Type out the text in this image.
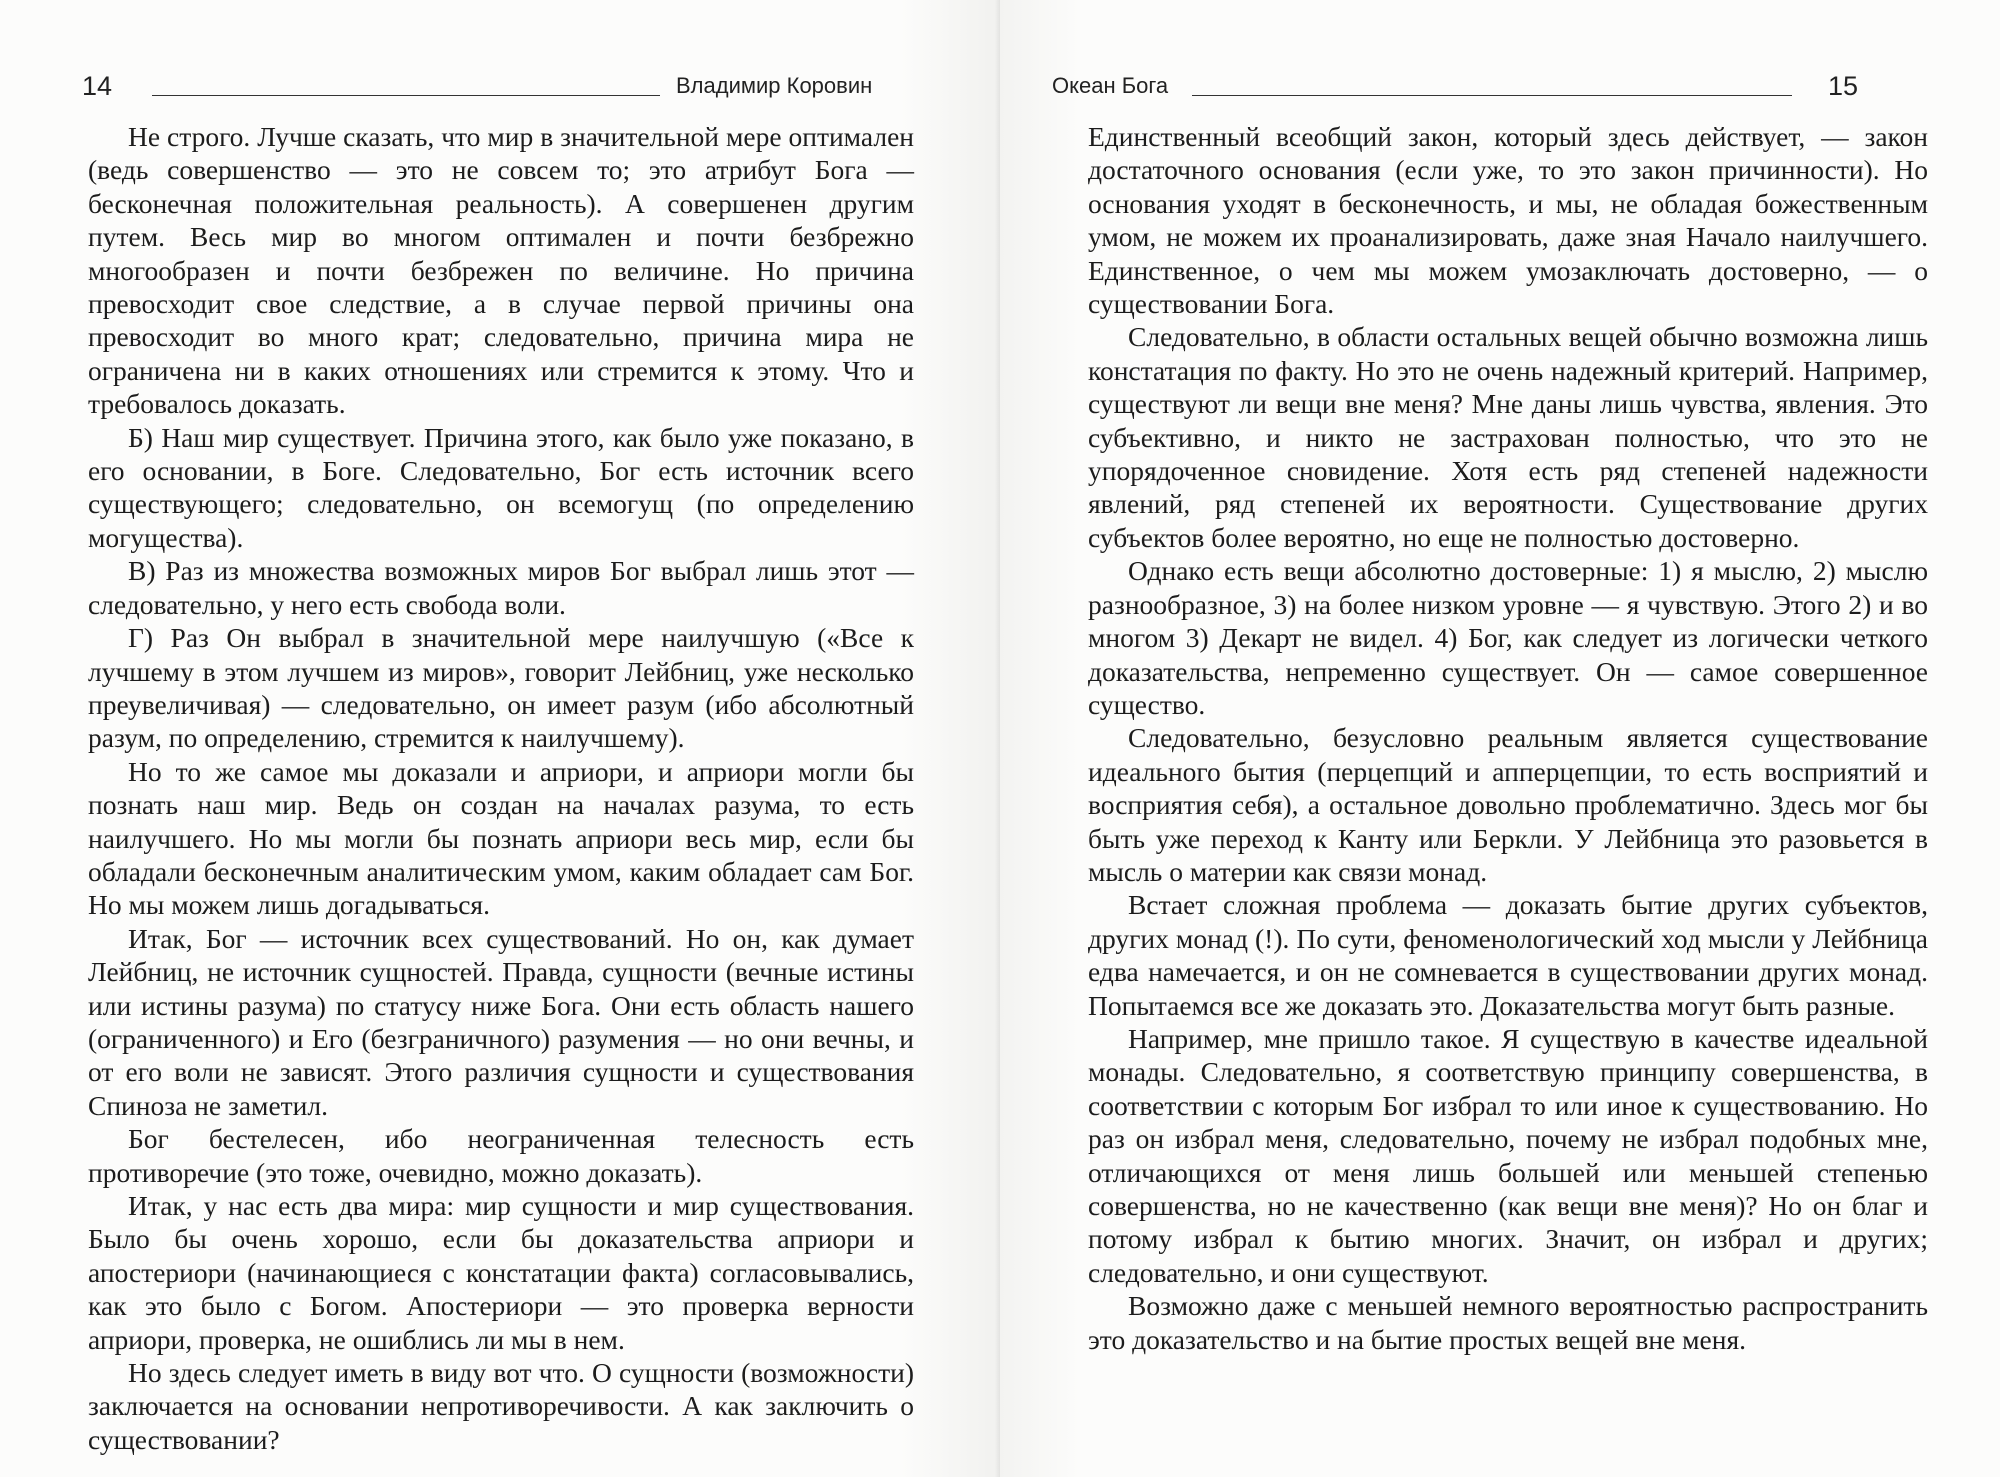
14	Владимир Коровин

Не строго. Лучше сказать, что мир в значительной мере оптимален (ведь совершенство — это не совсем то; это атрибут Бога — бесконечная положительная реальность). А совершенен другим путем. Весь мир во многом оптимален и почти безбрежно многообразен и почти безбрежен по величине. Но причина превосходит свое следствие, а в случае первой причины она превосходит во много крат; следовательно, причина мира не ограничена ни в каких отношениях или стремится к этому. Что и требовалось доказать.

Б) Наш мир существует. Причина этого, как было уже показано, в его основании, в Боге. Следовательно, Бог есть источник всего существующего; следовательно, он всемогущ (по определению могущества).

В) Раз из множества возможных миров Бог выбрал лишь этот — следовательно, у него есть свобода воли.

Г) Раз Он выбрал в значительной мере наилучшую («Все к лучшему в этом лучшем из миров», говорит Лейбниц, уже несколько преувеличивая) — следовательно, он имеет разум (ибо абсолютный разум, по определению, стремится к наилучшему).

Но то же самое мы доказали и априори, и априори могли бы познать наш мир. Ведь он создан на началах разума, то есть наилучшего. Но мы могли бы познать априори весь мир, если бы обладали бесконечным аналитическим умом, каким обладает сам Бог. Но мы можем лишь догадываться.

Итак, Бог — источник всех существований. Но он, как думает Лейбниц, не источник сущностей. Правда, сущности (вечные истины или истины разума) по статусу ниже Бога. Они есть область нашего (ограниченного) и Его (безграничного) разумения — но они вечны, и от его воли не зависят. Этого различия сущности и существования Спиноза не заметил.

Бог бестелесен, ибо неограниченная телесность есть противоречие (это тоже, очевидно, можно доказать).

Итак, у нас есть два мира: мир сущности и мир существования. Было бы очень хорошо, если бы доказательства априори и апостериори (начинающиеся с констатации факта) согласовывались, как это было с Богом. Апостериори — это проверка верности априори, проверка, не ошиблись ли мы в нем.

Но здесь следует иметь в виду вот что. О сущности (возможности) заключается на основании непротиворечивости. А как заключить о существовании?

Океан Бога	15

Единственный всеобщий закон, который здесь действует, — закон достаточного основания (если уже, то это закон причинности). Но основания уходят в бесконечность, и мы, не обладая божественным умом, не можем их проанализировать, даже зная Начало наилучшего. Единственное, о чем мы можем умозаключать достоверно, — о существовании Бога.

Следовательно, в области остальных вещей обычно возможна лишь констатация по факту. Но это не очень надежный критерий. Например, существуют ли вещи вне меня? Мне даны лишь чувства, явления. Это субъективно, и никто не застрахован полностью, что это не упорядоченное сновидение. Хотя есть ряд степеней надежности явлений, ряд степеней их вероятности. Существование других субъектов более вероятно, но еще не полностью достоверно.

Однако есть вещи абсолютно достоверные: 1) я мыслю, 2) мыслю разнообразное, 3) на более низком уровне — я чувствую. Этого 2) и во многом 3) Декарт не видел. 4) Бог, как следует из логически четкого доказательства, непременно существует. Он — самое совершенное существо.

Следовательно, безусловно реальным является существование идеального бытия (перцепций и апперцепции, то есть восприятий и восприятия себя), а остальное довольно проблематично. Здесь мог бы быть уже переход к Канту или Беркли. У Лейбница это разовьется в мысль о материи как связи монад.

Встает сложная проблема — доказать бытие других субъектов, других монад (!). По сути, феноменологический ход мысли у Лейбница едва намечается, и он не сомневается в существовании других монад. Попытаемся все же доказать это. Доказательства могут быть разные.

Например, мне пришло такое. Я существую в качестве идеальной монады. Следовательно, я соответствую принципу совершенства, в соответствии с которым Бог избрал то или иное к существованию. Но раз он избрал меня, следовательно, почему не избрал подобных мне, отличающихся от меня лишь большей или меньшей степенью совершенства, но не качественно (как вещи вне меня)? Но он благ и потому избрал к бытию многих. Значит, он избрал и других; следовательно, и они существуют.

Возможно даже с меньшей немного вероятностью распространить это доказательство и на бытие простых вещей вне меня.
